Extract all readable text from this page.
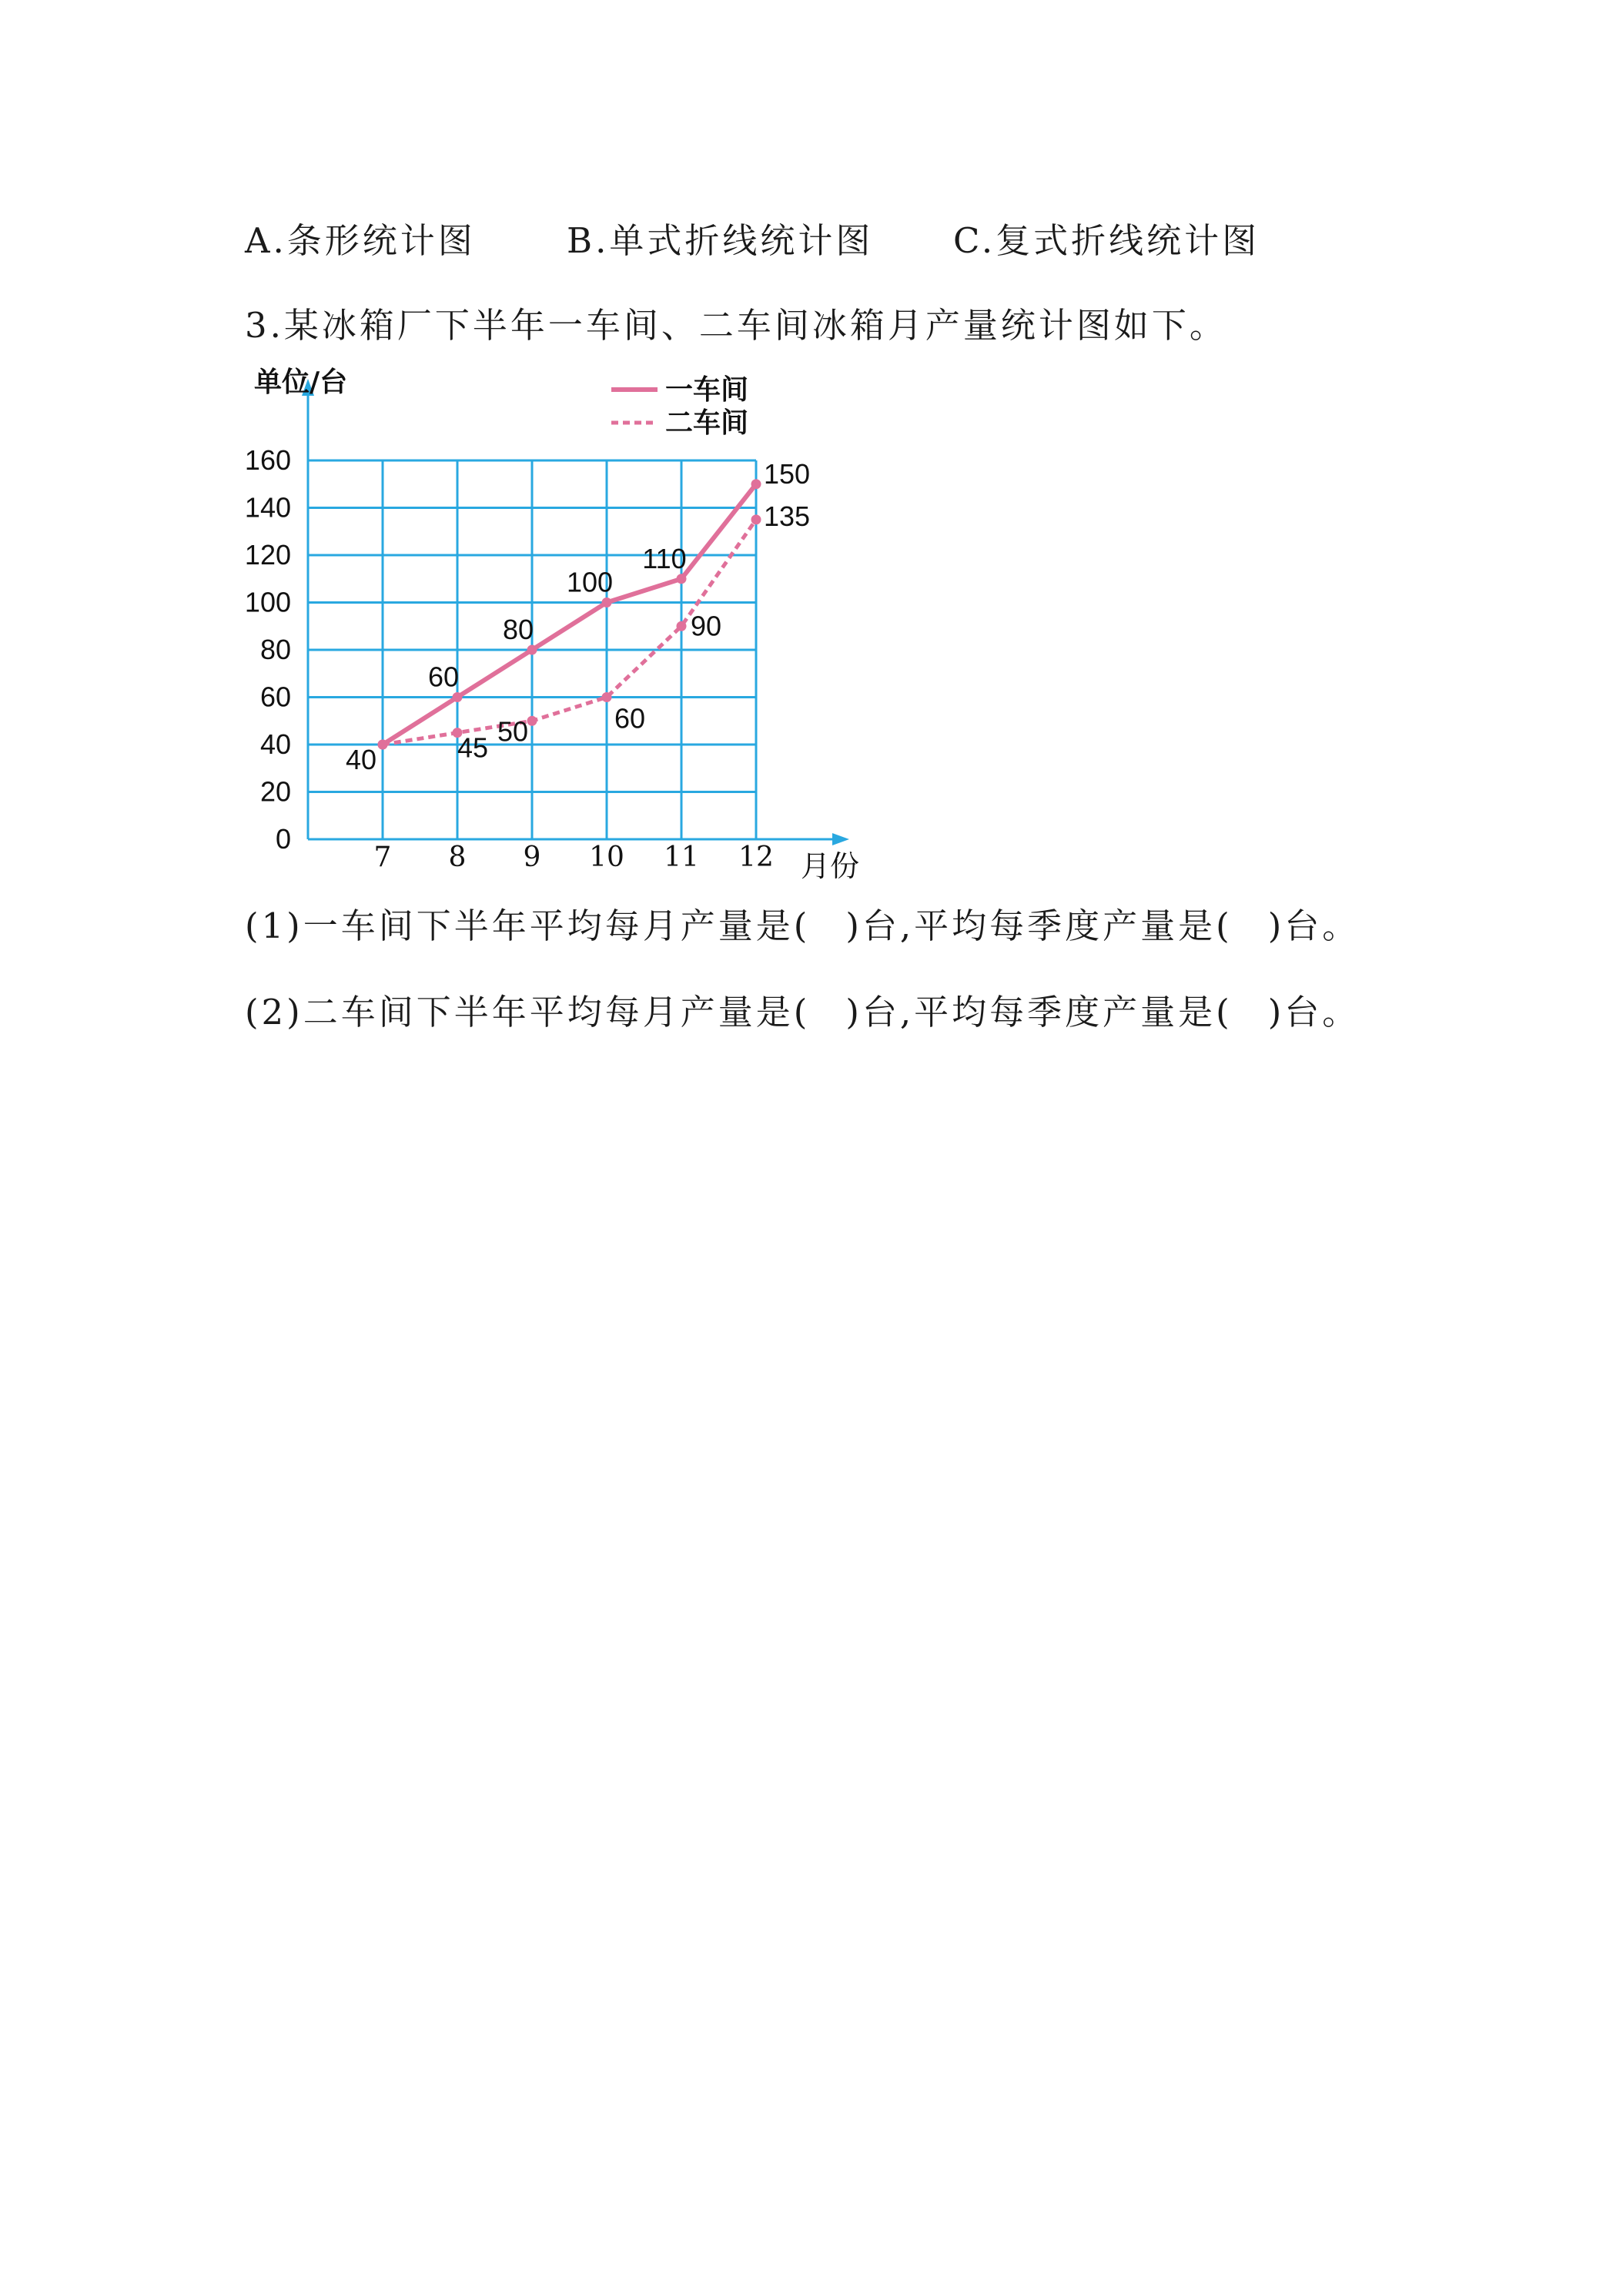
A.条形统计图	B.单式折线统计图 C.复式折线统计图
3.某冰箱厂下半年一车间、二车间冰箱月产量统计图如下。
0
20
40
60
80
100
120
140
160
7 8 9 10 11 12
单位/台
月份
40
60
80
100
110
150
45
50	60
90
135
一车间
二车间
(1)一车间下半年平均每月产量是( )台,平均每季度产量是( )台。
(2)二车间下半年平均每月产量是( )台,平均每季度产量是( )台。
